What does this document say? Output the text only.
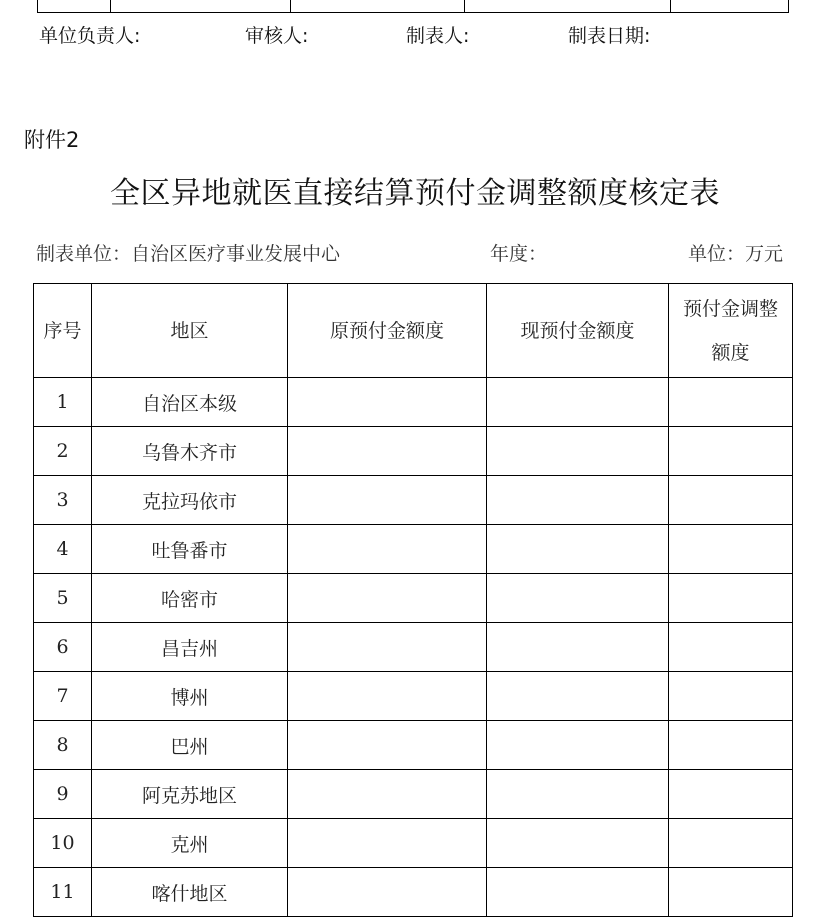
单位负责人:	审核人:	制表人:	制表日期:
附件2
全区异地就医直接结算预付金调整额度核定表
制表单位：自治区医疗事业发展中心	年度：	单位：万元
序号	地区	原预付金额度	现预付金额度	预付金调整
额度

1	自治区本级			
2	乌鲁木齐市			
3	克拉玛依市			
4	吐鲁番市			
5	哈密市			
6	昌吉州			
7	博州			
8	巴州			
9	阿克苏地区			
10	克州			
11	喀什地区			
